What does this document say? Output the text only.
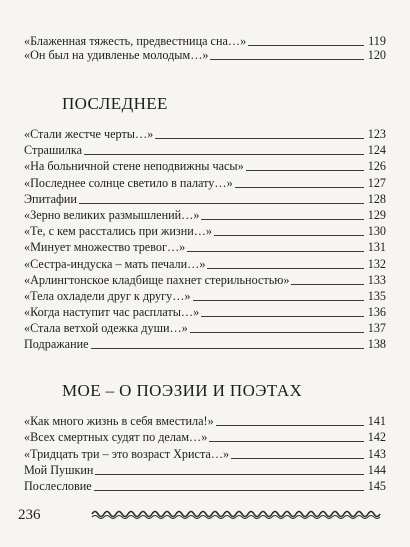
«Блаженная тяжесть, предвестница сна…»	119
«Он был на удивленье молодым…»	120
ПОСЛЕДНЕЕ
«Стали жестче черты…»	123
Страшилка	124
«На больничной стене неподвижны часы»	126
«Последнее солнце светило в палату…»	127
Эпитафии	128
«Зерно великих размышлений…»	129
«Те, с кем расстались при жизни…»	130
«Минует множество тревог…»	131
«Сестра-индуска – мать печали…»	132
«Арлингтонское кладбище пахнет стерильностью»	133
«Тела охладели друг к другу…»	135
«Когда наступит час расплаты…»	136
«Стала ветхой одежка души…»	137
Подражание	138
МОЕ – О ПОЭЗИИ И ПОЭТАХ
«Как много жизнь в себя вместила!»	141
«Всех смертных судят по делам…»	142
«Тридцать три – это возраст Христа…»	143
Мой Пушкин	144
Послесловие	145
236
